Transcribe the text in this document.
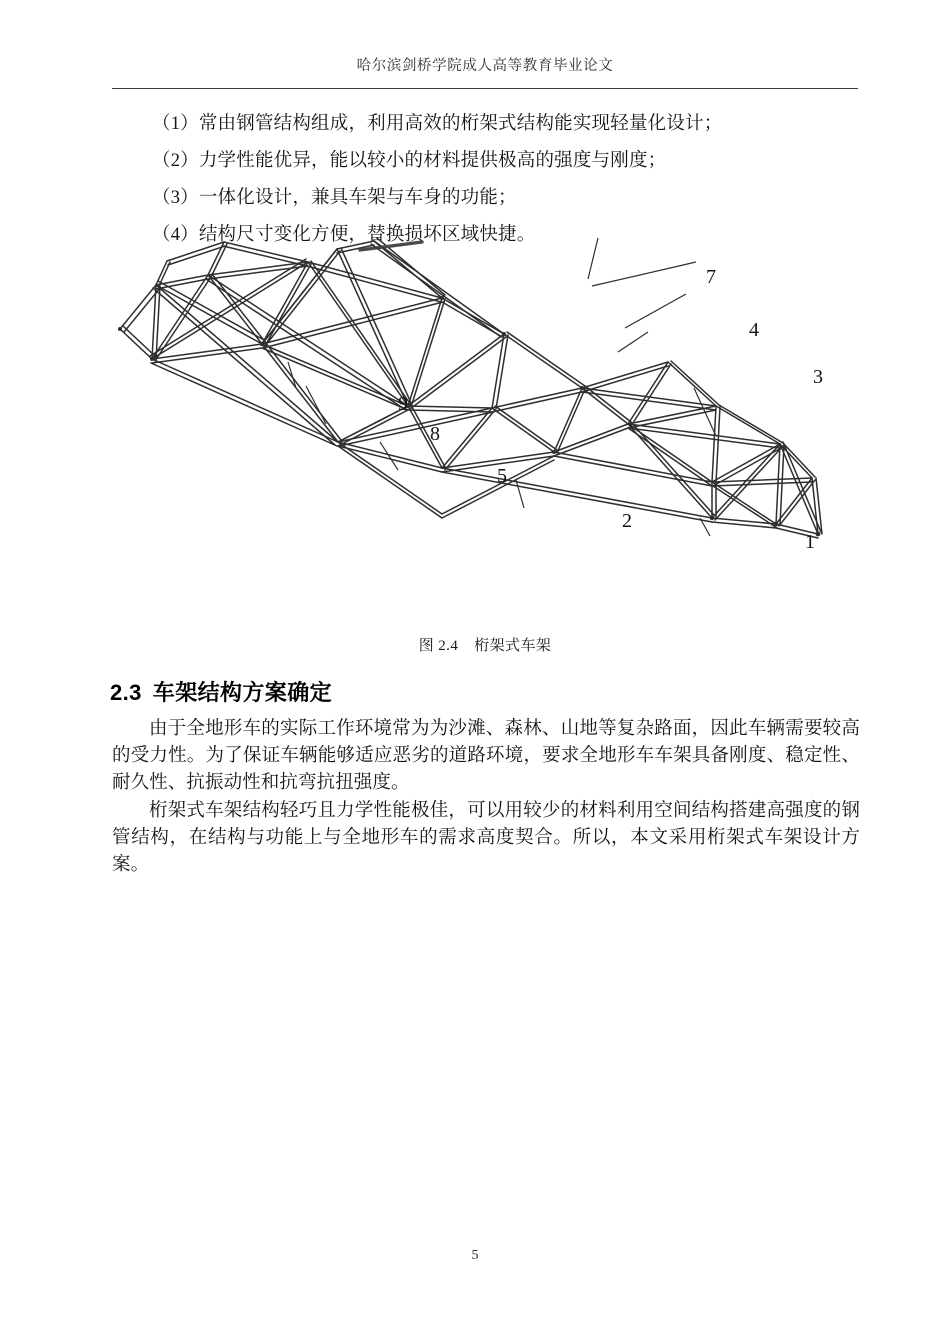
哈尔滨剑桥学院成人高等教育毕业论文
（1）常由钢管结构组成，利用高效的桁架式结构能实现轻量化设计；
（2）力学性能优异，能以较小的材料提供极高的强度与刚度；
（3）一体化设计，兼具车架与车身的功能；
（4）结构尺寸变化方便，替换损坏区域快捷。
7
4
3
9
8
5
2
1
图 2.4 桁架式车架
2.3 车架结构方案确定

由于全地形车的实际工作环境常为为沙滩、森林、山地等复杂路面，因此车辆需要较高的受力性。为了保证车辆能够适应恶劣的道路环境，要求全地形车车架具备刚度、稳定性、耐久性、抗振动性和抗弯抗扭强度。

桁架式车架结构轻巧且力学性能极佳，可以用较少的材料利用空间结构搭建高强度的钢管结构，在结构与功能上与全地形车的需求高度契合。所以，本文采用桁架式车架设计方案。

5
